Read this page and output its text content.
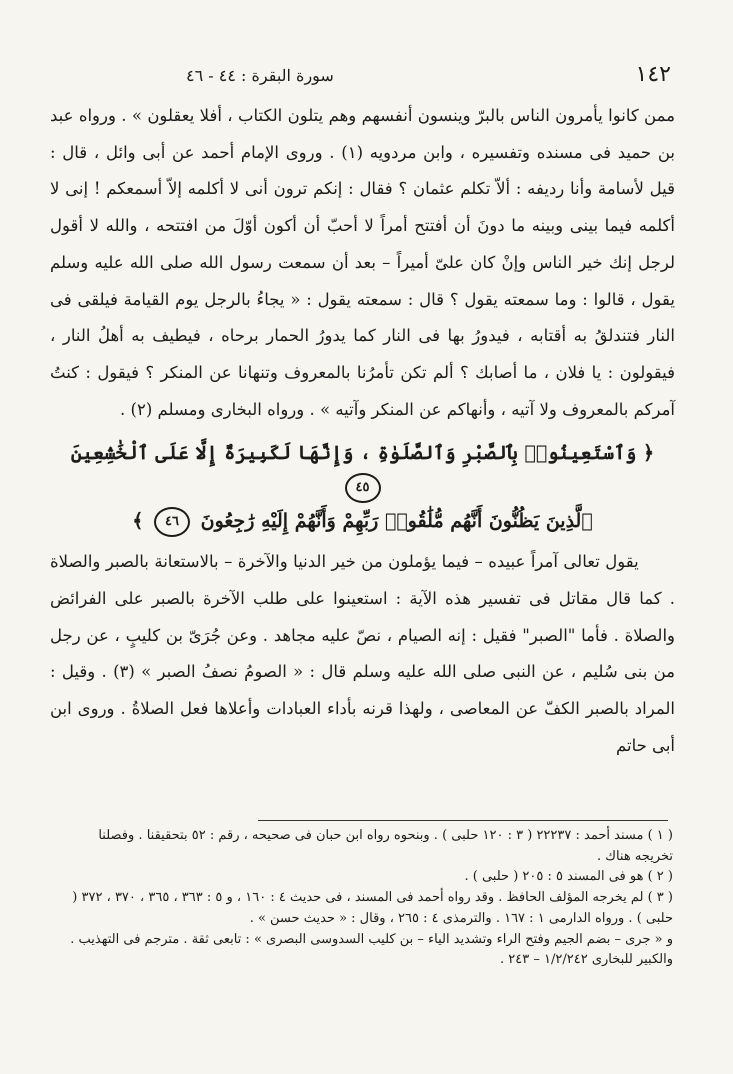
١٤٢
سورة البقرة : ٤٤ - ٤٦

ممن كانوا يأمرون الناس بالبرّ وينسون أنفسهم وهم يتلون الكتاب ، أفلا يعقلون » . ورواه عبد بن حميد فى مسنده وتفسيره ، وابن مردويه (١) . وروى الإمام أحمد عن أبى وائل ، قال : قيل لأسامة وأنا رديفه : ألاّ تكلم عثمان ؟ فقال : إنكم ترون أنى لا أكلمه إلاّ أسمعكم ! إنى لا أكلمه فيما بينى وبينه ما دونَ أن أفتتح أمراً لا أحبّ أن أكون أوّلَ من افتتحه ، والله لا أقول لرجل إنك خير الناس وإنْ كان علىّ أميراً – بعد أن سمعت رسول الله صلى الله عليه وسلم يقول ، قالوا : وما سمعته يقول ؟ قال : سمعته يقول : « يجاءُ بالرجل يوم القيامة فيلقى فى النار فتندلقُ به أقتابه ، فيدورُ بها فى النار كما يدورُ الحمار برحاه ، فيطيف به أهلُ النار ، فيقولون : يا فلان ، ما أصابك ؟ ألم تكن تأمرُنا بالمعروف وتنهانا عن المنكر ؟ فيقول : كنتُ آمركم بالمعروف ولا آتيه ، وأنهاكم عن المنكر وآتيه » . ورواه البخارى ومسلم (٢) .

﴿ وَٱسْتَعِينُوا۟ بِٱلصَّبْرِ وَٱلصَّلَوٰةِ ، وَإِنَّهَا لَكَبِيرَةٌ إِلَّا عَلَى ٱلْخَٰشِعِينَ ٤٥
ٱلَّذِينَ يَظُنُّونَ أَنَّهُم مُّلَٰقُوا۟ رَبِّهِمْ وَأَنَّهُمْ إِلَيْهِ رَٰجِعُونَ ٤٦ ﴾

يقول تعالى آمراً عبيده – فيما يؤملون من خير الدنيا والآخرة – بالاستعانة بالصبر والصلاة . كما قال مقاتل فى تفسير هذه الآية : استعينوا على طلب الآخرة بالصبر على الفرائض والصلاة . فأما "الصبر" فقيل : إنه الصيام ، نصّ عليه مجاهد . وعن جُرَىّ بن كليبٍ ، عن رجل من بنى سُليم ، عن النبى صلى الله عليه وسلم قال : « الصومُ نصفُ الصبر » (٣) . وقيل : المراد بالصبر الكفّ عن المعاصى ، ولهذا قرنه بأداء العبادات وأعلاها فعل الصلاةُ . وروى ابن أبى حاتم

( ١ ) مسند أحمد : ٢٢٢٣٧ ( ٣ : ١٢٠ حلبى ) . وبنحوه رواه ابن حبان فى صحيحه ، رقم : ٥٢ بتحقيقنا . وفصلنا تخريجه هناك .

( ٢ ) هو فى المسند ٥ : ٢٠٥ ( حلبى ) .

( ٣ ) لم يخرجه المؤلف الحافظ . وقد رواه أحمد فى المسند ، فى حديث ٤ : ١٦٠ ، و ٥ : ٣٦٣ ، ٣٦٥ ، ٣٧٠ ، ٣٧٢ ( حلبى ) . ورواه الدارمى ١ : ١٦٧ . والترمذى ٤ : ٢٦٥ ، وقال : « حديث حسن » .

و « جرى – بضم الجيم وفتح الراء وتشديد الياء – بن كليب السدوسى البصرى » : تابعى ثقة . مترجم فى التهذيب . والكبير للبخارى ١/٢/٢٤٢ – ٢٤٣ .
